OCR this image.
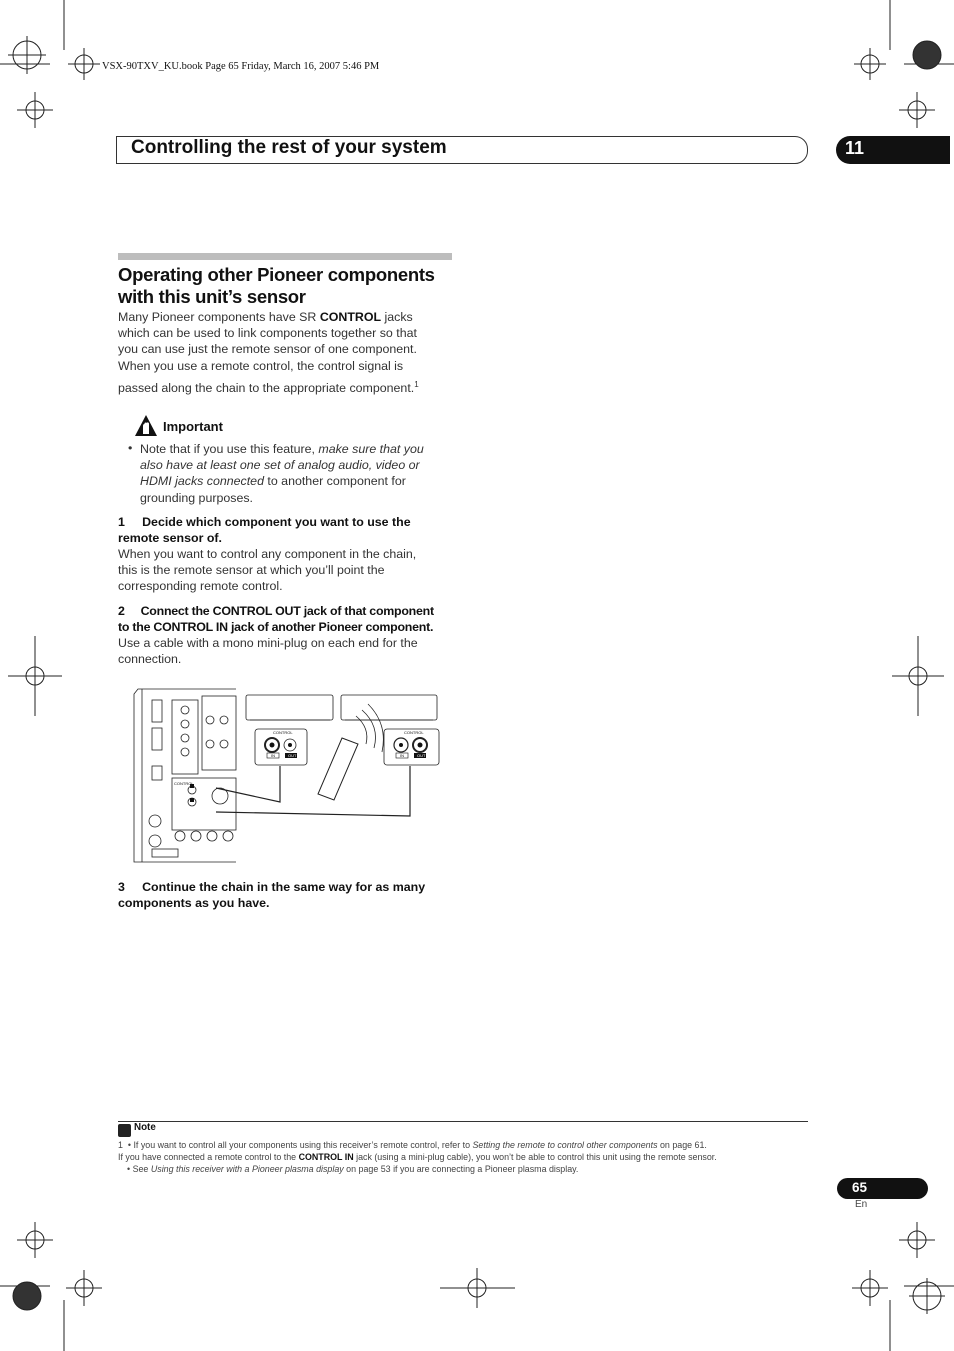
VSX-90TXV_KU.book Page 65 Friday, March 16, 2007 5:46 PM
Controlling the rest of your system	11
Operating other Pioneer components
with this unit’s sensor
Many Pioneer components have SR CONTROL jacks
which can be used to link components together so that
you can use just the remote sensor of one component.
When you use a remote control, the control signal is
passed along the chain to the appropriate component.$^1$
Important
• Note that if you use this feature, make sure that you
also have at least one set of analog audio, video or
HDMI jacks connected to another component for
grounding purposes.
1     Decide which component you want to use the
remote sensor of.
When you want to control any component in the chain,
this is the remote sensor at which you’ll point the
corresponding remote control.
2     Connect the CONTROL OUT jack of that component
to the CONTROL IN jack of another Pioneer component.
Use a cable with a mono mini-plug on each end for the
connection.
CONTROL	CONTROL
IN	OUT	IN	OUT
CONTROL
3     Continue the chain in the same way for as many
components as you have.
Note
1 • If you want to control all your components using this receiver’s remote control, refer to Setting the remote to control other components on page 61.
If you have connected a remote control to the CONTROL IN jack (using a mini-plug cable), you won’t be able to control this unit using the remote sensor.
• See Using this receiver with a Pioneer plasma display on page 53 if you are connecting a Pioneer plasma display.
65
En
